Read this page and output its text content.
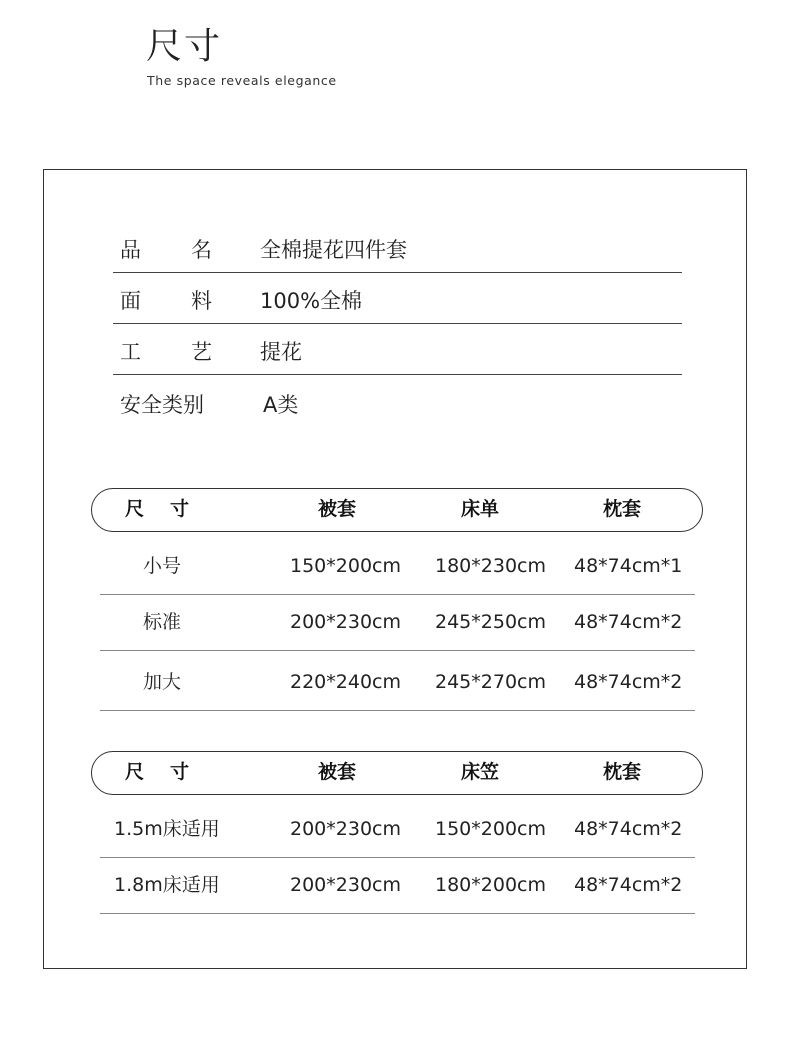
尺寸
The space reveals elegance
品 名 全棉提花四件套
面 料 100%全棉
工 艺 提花
安全类别	A类
尺寸	被套	床单	枕套
小号	150*200cm 180*230cm 48*74cm*1
标准	200*230cm 245*250cm 48*74cm*2
加大	220*240cm 245*270cm 48*74cm*2
尺寸	被套	床笠	枕套
1.5m床适用	200*230cm 150*200cm 48*74cm*2
1.8m床适用	200*230cm 180*200cm 48*74cm*2
